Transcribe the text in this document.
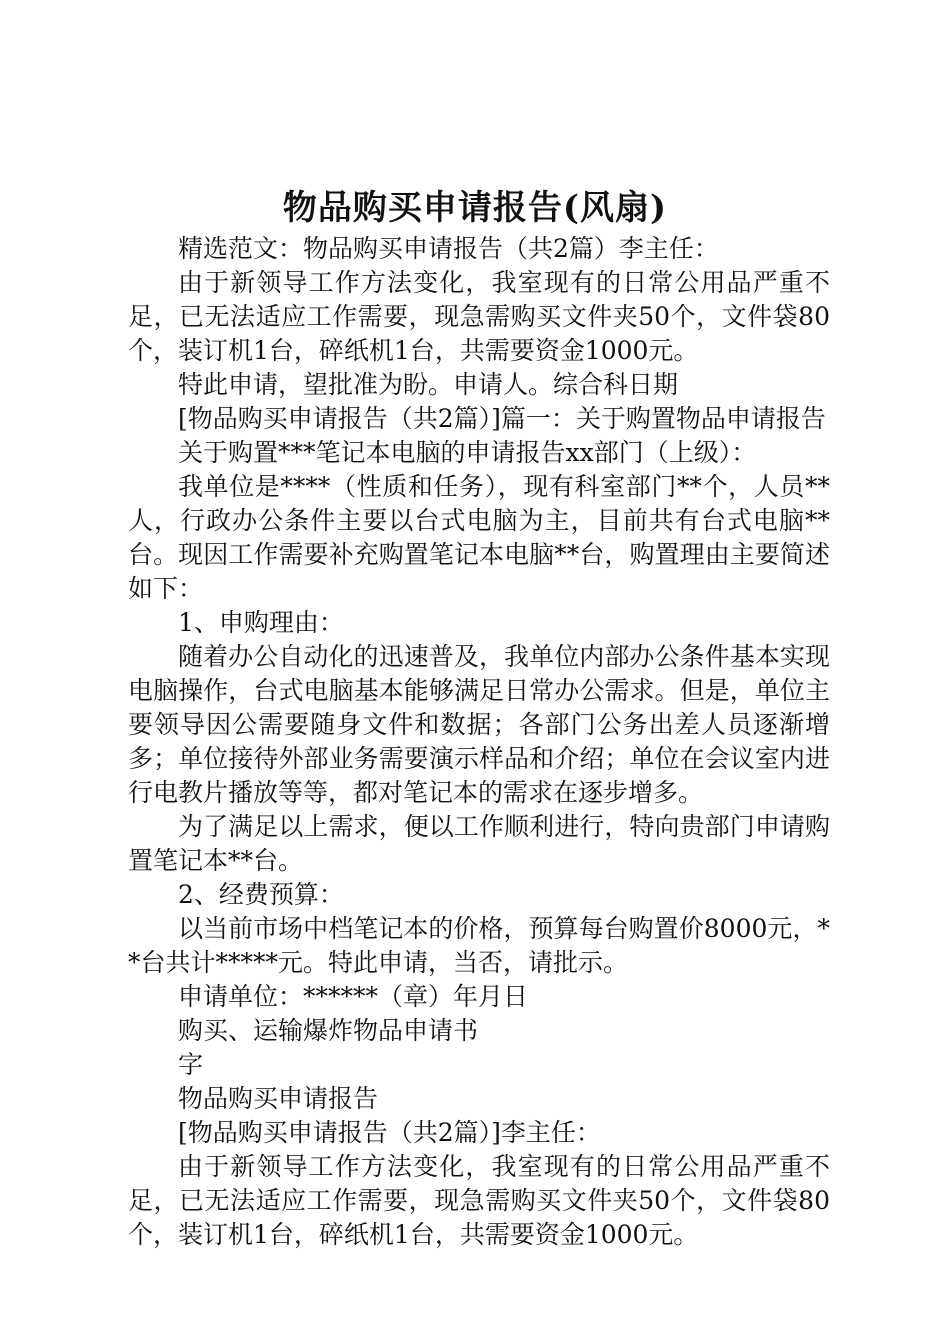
物品购买申请报告(风扇)

精选范文：物品购买申请报告（共2篇）李主任：

由于新领导工作方法变化，我室现有的日常公用品严重不足，已无法适应工作需要，现急需购买文件夹50个，文件袋80个，装订机1台，碎纸机1台，共需要资金1000元。

特此申请，望批准为盼。申请人。综合科日期

[物品购买申请报告（共2篇）]篇一：关于购置物品申请报告

关于购置***笔记本电脑的申请报告xx部门（上级）：

我单位是****（性质和任务），现有科室部门**个，人员**人，行政办公条件主要以台式电脑为主，目前共有台式电脑**台。现因工作需要补充购置笔记本电脑**台，购置理由主要简述如下：

1、申购理由：

随着办公自动化的迅速普及，我单位内部办公条件基本实现电脑操作，台式电脑基本能够满足日常办公需求。但是，单位主要领导因公需要随身文件和数据；各部门公务出差人员逐渐增多；单位接待外部业务需要演示样品和介绍；单位在会议室内进行电教片播放等等，都对笔记本的需求在逐步增多。

为了满足以上需求，便以工作顺利进行，特向贵部门申请购置笔记本**台。

2、经费预算：

以当前市场中档笔记本的价格，预算每台购置价8000元，**台共计*****元。特此申请，当否，请批示。

申请单位：******（章）年月日

购买、运输爆炸物品申请书

字

物品购买申请报告

[物品购买申请报告（共2篇）]李主任：

由于新领导工作方法变化，我室现有的日常公用品严重不足，已无法适应工作需要，现急需购买文件夹50个，文件袋80个，装订机1台，碎纸机1台，共需要资金1000元。
